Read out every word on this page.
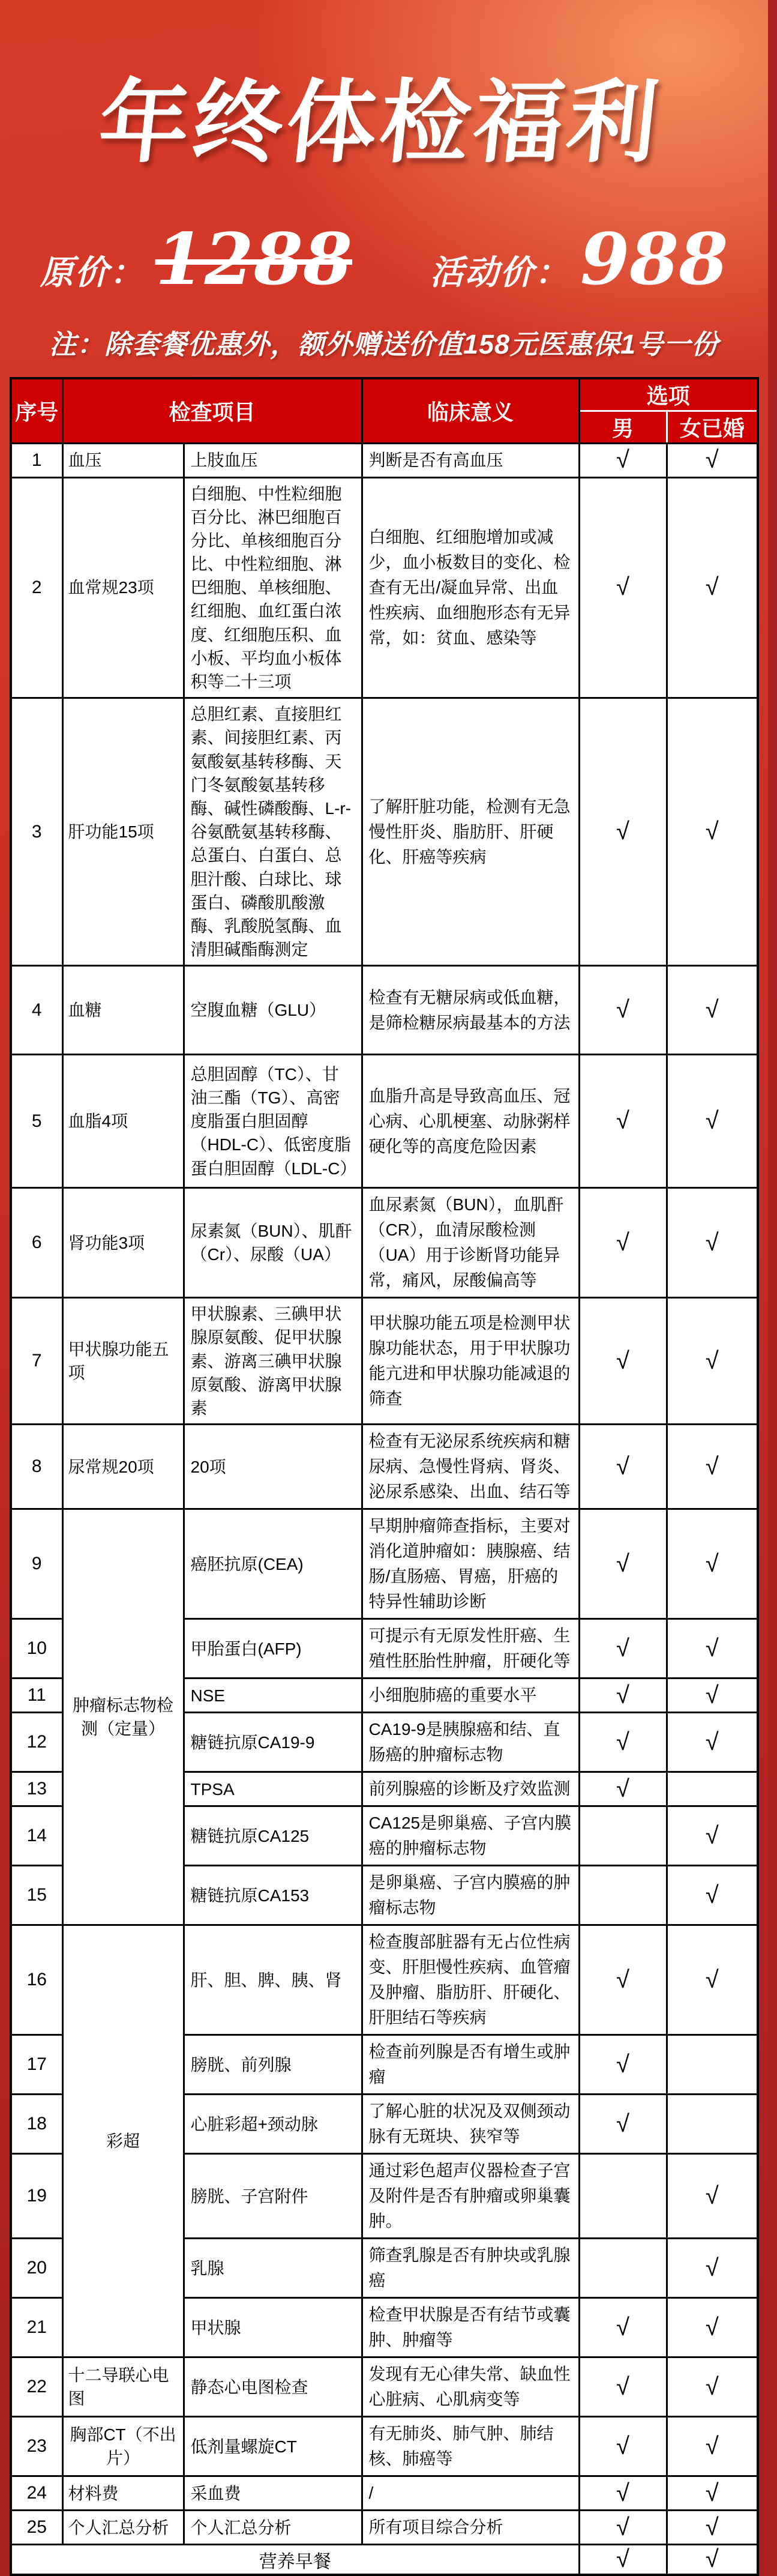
年终体检福利
原价： 1288 活动价： 988
注：除套餐优惠外，额外赠送价值158元医惠保1号一份
序号	检查项目		临床意义	选项	
				男	女已婚
1	血压	上肢血压	判断是否有高血压	√	√
2	血常规23项	白细胞、中性粒细胞百分比、淋巴细胞百分比、单核细胞百分比、中性粒细胞、淋巴细胞、单核细胞、红细胞、血红蛋白浓度、红细胞压积、血小板、平均血小板体积等二十三项	白细胞、红细胞增加或减少，血小板数目的变化、检查有无出/凝血异常、出血性疾病、血细胞形态有无异常，如：贫血、感染等	√	√
3	肝功能15项	总胆红素、直接胆红素、间接胆红素、丙氨酸氨基转移酶、天门冬氨酸氨基转移酶、碱性磷酸酶、L-r-谷氨酰氨基转移酶、总蛋白、白蛋白、总胆汁酸、白球比、球蛋白、磷酸肌酸激酶、乳酸脱氢酶、血清胆碱酯酶测定	了解肝脏功能，检测有无急慢性肝炎、脂肪肝、肝硬化、肝癌等疾病	√	√
4	血糖	空腹血糖（GLU）	检查有无糖尿病或低血糖，是筛检糖尿病最基本的方法	√	√
5	血脂4项	总胆固醇（TC）、甘油三酯（TG）、高密度脂蛋白胆固醇（HDL-C）、低密度脂蛋白胆固醇（LDL-C）	血脂升高是导致高血压、冠心病、心肌梗塞、动脉粥样硬化等的高度危险因素	√	√
6	肾功能3项	尿素氮（BUN）、肌酐（Cr）、尿酸（UA）	血尿素氮（BUN），血肌酐（CR），血清尿酸检测（UA）用于诊断肾功能异常，痛风，尿酸偏高等	√	√
7	甲状腺功能五项	甲状腺素、三碘甲状腺原氨酸、促甲状腺素、游离三碘甲状腺原氨酸、游离甲状腺素	甲状腺功能五项是检测甲状腺功能状态，用于甲状腺功能亢进和甲状腺功能减退的筛查	√	√
8	尿常规20项	20项	检查有无泌尿系统疾病和糖尿病、急慢性肾病、肾炎、泌尿系感染、出血、结石等	√	√
9	肿瘤标志物检测（定量）	癌胚抗原(CEA)	早期肿瘤筛查指标，主要对消化道肿瘤如：胰腺癌、结肠/直肠癌、胃癌，肝癌的特异性辅助诊断	√	√
10		甲胎蛋白(AFP)	可提示有无原发性肝癌、生殖性胚胎性肿瘤，肝硬化等	√	√
11		NSE	小细胞肺癌的重要水平	√	√
12		糖链抗原CA19-9	CA19-9是胰腺癌和结、直肠癌的肿瘤标志物	√	√
13		TPSA	前列腺癌的诊断及疗效监测	√	
14		糖链抗原CA125	CA125是卵巢癌、子宫内膜癌的肿瘤标志物		√
15		糖链抗原CA153	是卵巢癌、子宫内膜癌的肿瘤标志物		√
16	彩超	肝、胆、脾、胰、肾	检查腹部脏器有无占位性病变、肝胆慢性疾病、血管瘤及肿瘤、脂肪肝、肝硬化、肝胆结石等疾病	√	√
17		膀胱、前列腺	检查前列腺是否有增生或肿瘤	√	
18		心脏彩超+颈动脉	了解心脏的状况及双侧颈动脉有无斑块、狭窄等	√	
19		膀胱、子宫附件	通过彩色超声仪器检查子宫及附件是否有肿瘤或卵巢囊肿。		√
20		乳腺	筛查乳腺是否有肿块或乳腺癌		√
21		甲状腺	检查甲状腺是否有结节或囊肿、肿瘤等	√	√
22	十二导联心电图	静态心电图检查	发现有无心律失常、缺血性心脏病、心肌病变等	√	√
23	胸部CT（不出片）	低剂量螺旋CT	有无肺炎、肺气肿、肺结核、肺癌等	√	√
24	材料费	采血费	/	√	√
25	个人汇总分析	个人汇总分析	所有项目综合分析	√	√
营养早餐				√	√
